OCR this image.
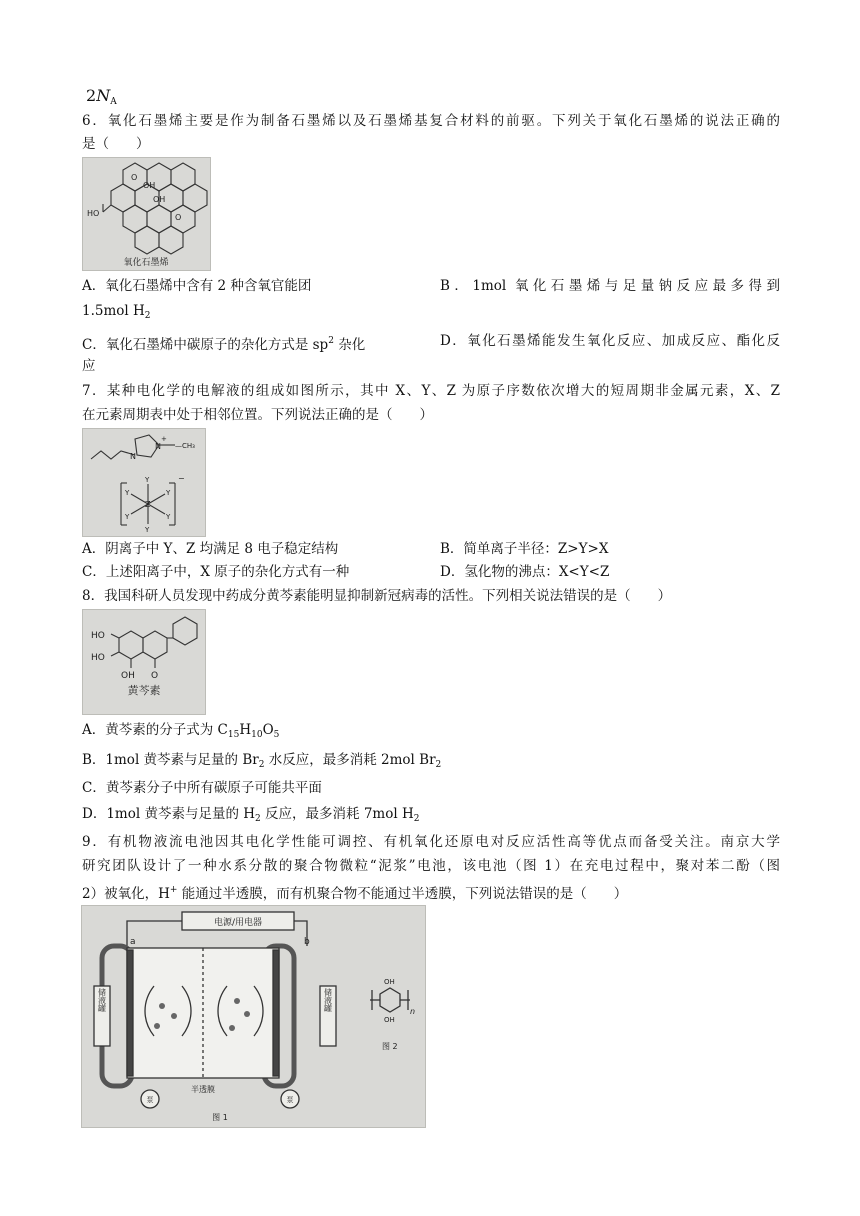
$2N_A$
6．氧化石墨烯主要是作为制备石墨烯以及石墨烯基复合材料的前驱。下列关于氧化石墨烯的说法正确的
是（　　）
HO
OH
OH
O
O
氧化石墨烯
A．氧化石墨烯中含有 2 种含氧官能团	B．1mol 氧化石墨烯与足量钠反应最多得到
1.5mol $H_2$
C．氧化石墨烯中碳原子的杂化方式是 $sp^2$ 杂化	D．氧化石墨烯能发生氧化反应、加成反应、酯化反
应
7．某种电化学的电解液的组成如图所示，其中 X、Y、Z 为原子序数依次增大的短周期非金属元素，X、Z
在元素周期表中处于相邻位置。下列说法正确的是（　　）
N
N
+
—CH₃
Z
Y
Y
Y	Y
Y	Y
−
A．阴离子中 Y、Z 均满足 8 电子稳定结构	B．简单离子半径：Z>Y>X
C．上述阳离子中，X 原子的杂化方式有一种	D．氢化物的沸点：X<Y<Z
8．我国科研人员发现中药成分黄芩素能明显抑制新冠病毒的活性。下列相关说法错误的是（　　）
HO
HO
OH O
黄芩素
A．黄芩素的分子式为 $C_{15}H_{10}O_5$
B．1mol 黄芩素与足量的 $Br_2$ 水反应，最多消耗 2mol $Br_2$
C．黄芩素分子中所有碳原子可能共平面
D．1mol 黄芩素与足量的 $H_2$ 反应，最多消耗 7mol $H_2$
9．有机物液流电池因其电化学性能可调控、有机氧化还原电对反应活性高等优点而备受关注。南京大学
研究团队设计了一种水系分散的聚合物微粒“泥浆”电池，该电池（图 1）在充电过程中，聚对苯二酚（图
2）被氧化，H+ 能通过半透膜，而有机聚合物不能通过半透膜，下列说法错误的是（　　）
电源/用电器
a	b
储液罐	储液罐
泵	泵
半透膜
图 1
图 2
OH
OH
n
